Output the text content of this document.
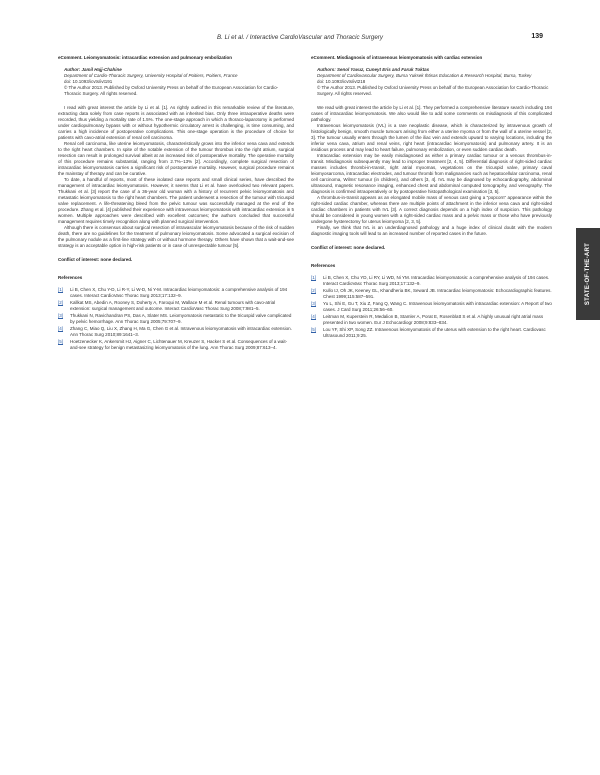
B. Li et al. / Interactive CardioVascular and Thoracic Surgery	139
eComment. Leiomyomatosis: intracardiac extension and pulmonary embolization
Author: Jamil Hajj-Chahine
Department of Cardio-Thoracic Surgery, University Hospital of Poitiers, Poitiers, France
doi: 10.1093/icvts/ivt191
© The Author 2013. Published by Oxford University Press on behalf of the European Association for Cardio-Thoracic Surgery. All rights reserved.

I read with great interest the article by Li et al. [1]. As rightly outlined in this remarkable review of the literature, extracting data solely from case reports is associated with an inherited bias. Only three intraoperative deaths were recorded, thus yielding a mortality rate of 1.5%. The one-stage approach in which a thoraco-laparotomy is performed under cardiopulmonary bypass with or without hypothermic circulatory arrest is challenging, is time consuming, and carries a high incidence of postoperative complications. This one-stage operation is the procedure of choice for patients with cavo-atrial extension of renal cell carcinoma.

Renal cell carcinoma, like uterine leiomyomatosis, characteristically grows into the inferior vena cava and extends to the right heart chambers. In spite of the notable extension of the tumour thrombus into the right atrium, surgical resection can result in prolonged survival albeit at an increased risk of postoperative mortality. The operative mortality of this procedure remains substantial, ranging from 2.7%–13% [2]. Accordingly, complete surgical resection of intracardiac leiomyomatosis carries a significant risk of postoperative mortality. However, surgical procedure remains the mainstay of therapy and can be curative.

To date, a handful of reports, most of these isolated case reports and small clinical series, have described the management of intracardiac leiomyomatosis. However, it seems that Li et al. have overlooked two relevant papers. Thukkani et al. [3] report the case of a 36-year old woman with a history of recurrent pelvic leiomyomatosis and metastatic leiomyomatosis to the right heart chambers. The patient underwent a resection of the tumour with tricuspid valve replacement. A life-threatening bleed from the pelvic tumour was successfully managed at the end of the procedure. Zhang et al. [4] published their experience with intravenous leiomyomatosis with intracardiac extension in 5 women. Multiple approaches were described with excellent outcomes; the authors concluded that successful management requires timely recognition along with planned surgical intervention.

Although there is consensus about surgical resection of intravascular leiomyomatosis because of the risk of sudden death, there are no guidelines for the treatment of pulmonary leiomyomatosis. Some advocated a surgical excision of the pulmonary nodule as a first-line strategy with or without hormone therapy. Others have shown that a wait-and-see strategy is an acceptable option in high-risk patients or in case of unrespectable tumour [5].

Conflict of interest: none declared.
References
[1]	Li B, Chen X, Chu Y-D, Li R-Y, Li W-D, Ni Y-M. Intracardiac leiomyomatosis: a comprehensive analysis of 194 cases. Interact CardioVasc Thorac Surg 2013;17:132–9.
[2]	Kallkat MS, Abedin A, Rooney S, Doherty A, Faroqui M, Wallace M et al. Renal tumours with cavo-atrial extension: surgical management and outcome. Interact CardioVasc Thorac Surg 2008;7:981–5.
[3]	Thukkani N, Ravichandran PS, Das A, Slater MS. Leiomyomatosis metastatic to the tricuspid valve complicated by pelvic hemorrhage. Ann Thorac Surg 2005;79:707–9.
[4]	Zhang C, Miao Q, Liu X, Zhang H, Ma G, Chen G et al. Intravenous leiomyomatosis with intracardiac extension. Ann Thorac Surg 2010;89:1641–3.
[5]	Hoetzenecker K, Ankersmit HJ, Aigner C, Lichtenauer M, Kreuzer S, Hacker S et al. Consequences of a wait-and-see strategy for benign metastasizing leiomyomatosis of the lung. Ann Thorac Surg 2009;87:613–4.
eComment. Misdiagnosis of intravenous leiomyomatosis with cardiac extension
Authors: Senol Yavuz, Cuneyt Eris and Faruk Toktas
Department of Cardiovascular Surgery, Bursa Yuksek Ihtisas Education & Research Hospital, Bursa, Turkey
doi: 10.1093/icvts/ivt218
© The Author 2013. Published by Oxford University Press on behalf of the European Association for Cardio-Thoracic Surgery. All rights reserved.

We read with great interest the article by Li et al. [1]. They performed a comprehensive literature search including 194 cases of intracardiac leiomyomatosis. We also would like to add some comments on misdiagnosis of this complicated pathology.

Intravenous leiomyomatosis (IVL) is a rare neoplastic disease, which is characterized by intravenous growth of histologically benign, smooth muscle tumours arising from either a uterine myoma or from the wall of a uterine vessel [2, 3]. The tumour usually enters through the lumen of the iliac vein and extends upward to varying locations, including the inferior vena cava, atrium and renal veins, right heart (intracardiac leiomyomatosis) and pulmonary artery. It is an insidious process and may lead to heart failure, pulmonary embolization, or even sudden cardiac death.

Intracardiac extension may be easily misdiagnosed as either a primary cardiac tumour or a venous thrombus-in-transit. Misdiagnosis subsequently may lead to improper treatment [2, 4, 5]. Differential diagnosis of right-sided cardiac masses includes thrombi-in-transit, right atrial myxomas, vegetations on the tricuspid valve, primary caval leiomyosarcoma, intracardiac electrodes, and tumour thrombi from malignancies such as hepatocellular carcinoma, renal cell carcinoma, Wilms' tumour (in children), and others [3, 4]. IVL may be diagnosed by echocardiography, abdominal ultrasound, magnetic resonance imaging, enhanced chest and abdominal computed tomography, and venography. The diagnosis is confirmed intraoperatively or by postoperative histopathological examination [3, 5].

A thrombus-in-transit appears as an elongated mobile mass of venous cast giving a "popcorn" appearance within the right-sided cardiac chamber, whereas there are multiple points of attachment in the inferior vena cava and right-sided cardiac chambers in patients with IVL [3]. A correct diagnosis depends on a high index of suspicion. This pathology should be considered in young women with a right-sided cardiac mass and a pelvic mass or those who have previously undergone hysterectomy for uterus leiomyoma [2, 3, 5].

Finally, we think that IVL is an underdiagnosed pathology and a huge index of clinical doubt with the modern diagnostic imaging tools will lead to an increased number of reported cases in the future.

Conflict of interest: none declared.
References
[1]	Li B, Chen X, Chu YD, Li RY, Li WD, Ni YM. Intracardiac leiomyomatosis: a comprehensive analysis of 194 cases. Interact CardioVasc Thorac Surg 2013;17:132–9.
[2]	Kullo IJ, Oh JK, Keeney GL, Khandheria BK, Seward JB. Intracardiac leiomyomatosis: Echocardiographic features. Chest 1999;115:587–591.
[3]	Yu L, Shi E, Gu T, Xiu Z, Fang Q, Wang C. Intravenous leiomyomatosis with intracardiac extension: A Report of two cases. J Card Surg 2011;26:56–60.
[4]	Leitman M, Kuperstein R, Medalion B, Stamler A, Porat E, Rosenblatt S et al. A highly unusual right atrial mass presented in two women. Eur J Echocardiogr 2008;9:833–834.
[5]	Lou YF, Shi XP, Song ZZ. Intravenous leiomyomatosis of the uterus with extension to the right heart. Cardiovasc Ultrasound 2011;9:25.
STATE-OF-THE-ART
